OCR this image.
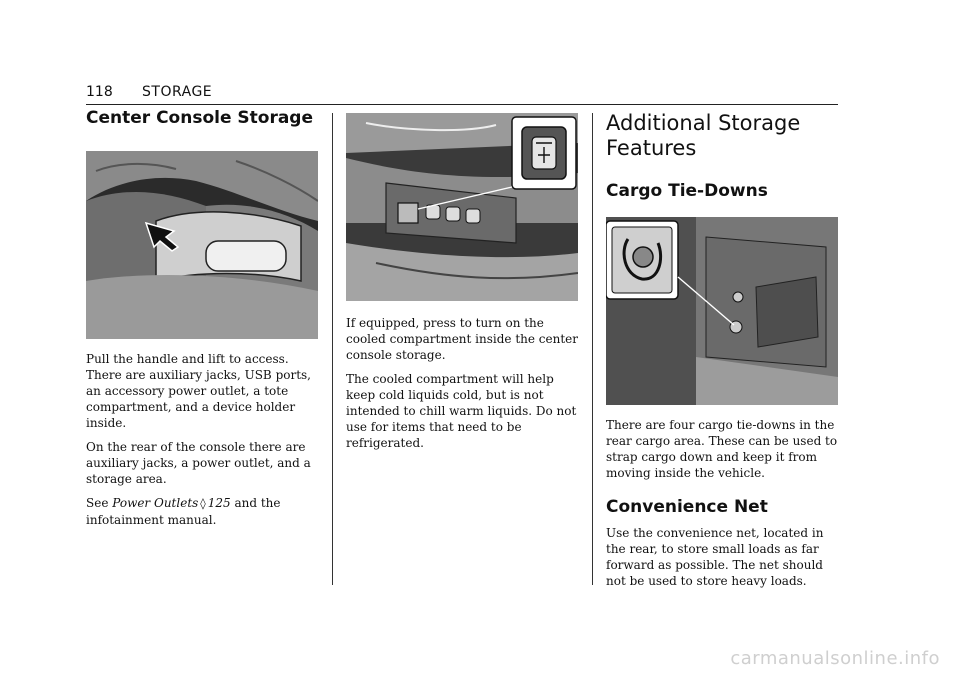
118 STORAGE
Center Console Storage

Pull the handle and lift to access. There are auxiliary jacks, USB ports, an accessory power outlet, a tote compartment, and a device holder inside.

On the rear of the console there are auxiliary jacks, a power outlet, and a storage area.

See Power Outlets ◊ 125 and the infotainment manual.

If equipped, press to turn on the cooled compartment inside the center console storage.

The cooled compartment will help keep cold liquids cold, but is not intended to chill warm liquids. Do not use for items that need to be refrigerated.

Additional Storage Features
Cargo Tie-Downs

There are four cargo tie-downs in the rear cargo area. These can be used to strap cargo down and keep it from moving inside the vehicle.

Convenience Net

Use the convenience net, located in the rear, to store small loads as far forward as possible. The net should not be used to store heavy loads.

carmanualsonline.info
